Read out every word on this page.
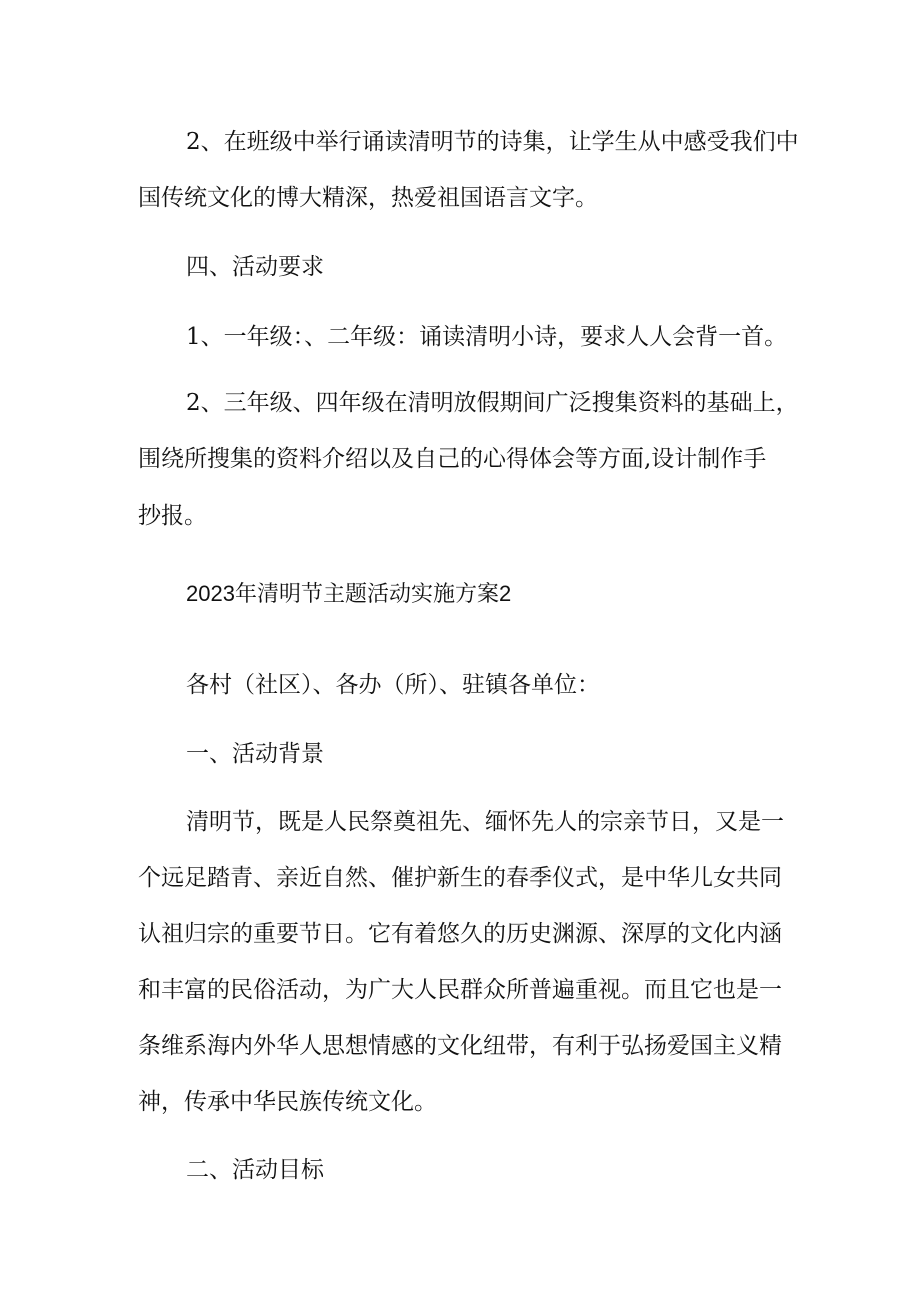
2、在班级中举行诵读清明节的诗集，让学生从中感受我们中
国传统文化的博大精深，热爱祖国语言文字。
四、活动要求
1、一年级：、二年级：诵读清明小诗，要求人人会背一首。
2、三年级、四年级在清明放假期间广泛搜集资料的基础上，
围绕所搜集的资料介绍以及自己的心得体会等方面,设计制作手
抄报。
2023年清明节主题活动实施方案2
各村（社区）、各办（所）、驻镇各单位：
一、活动背景
清明节，既是人民祭奠祖先、缅怀先人的宗亲节日，又是一
个远足踏青、亲近自然、催护新生的春季仪式，是中华儿女共同
认祖归宗的重要节日。它有着悠久的历史渊源、深厚的文化内涵
和丰富的民俗活动，为广大人民群众所普遍重视。而且它也是一
条维系海内外华人思想情感的文化纽带，有利于弘扬爱国主义精
神，传承中华民族传统文化。
二、活动目标
